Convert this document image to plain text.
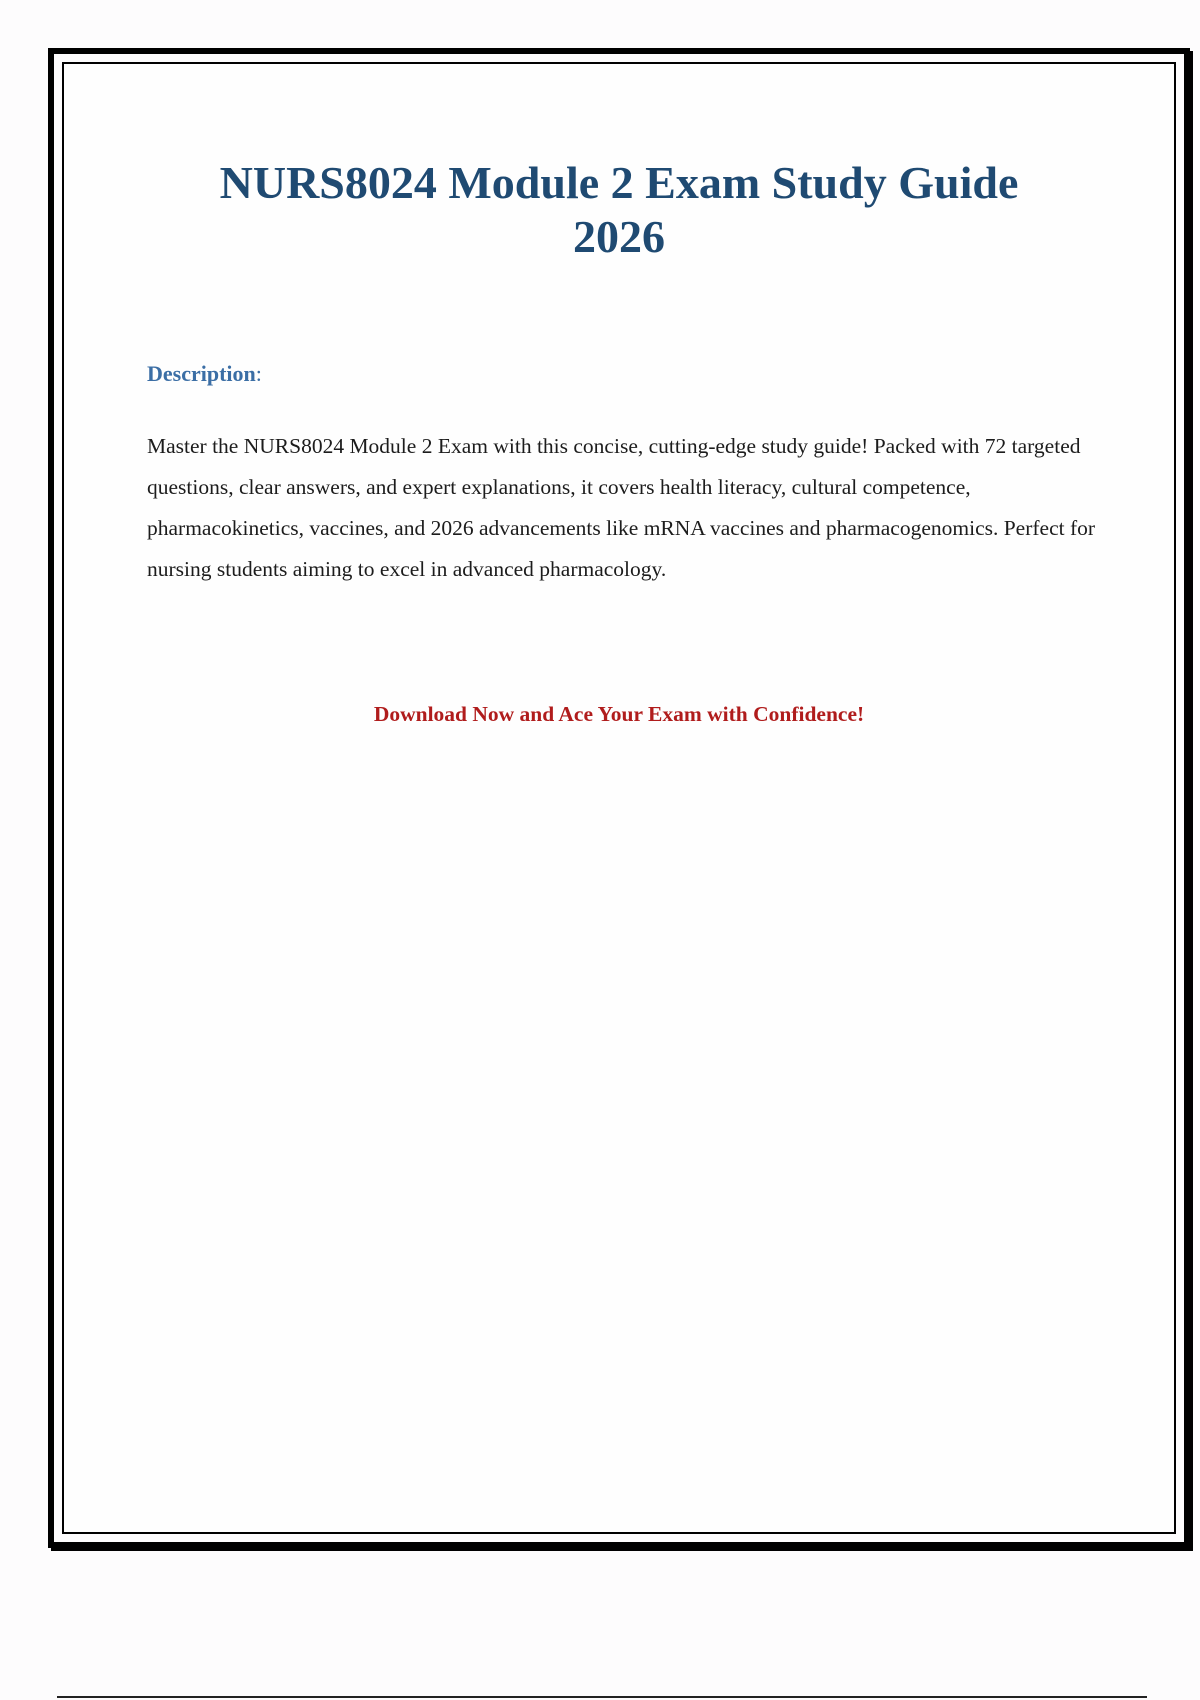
NURS8024 Module 2 Exam Study Guide 2026
Description:

Master the NURS8024 Module 2 Exam with this concise, cutting-edge study guide! Packed with 72 targeted questions, clear answers, and expert explanations, it covers health literacy, cultural competence, pharmacokinetics, vaccines, and 2026 advancements like mRNA vaccines and pharmacogenomics. Perfect for nursing students aiming to excel in advanced pharmacology.

Download Now and Ace Your Exam with Confidence!
